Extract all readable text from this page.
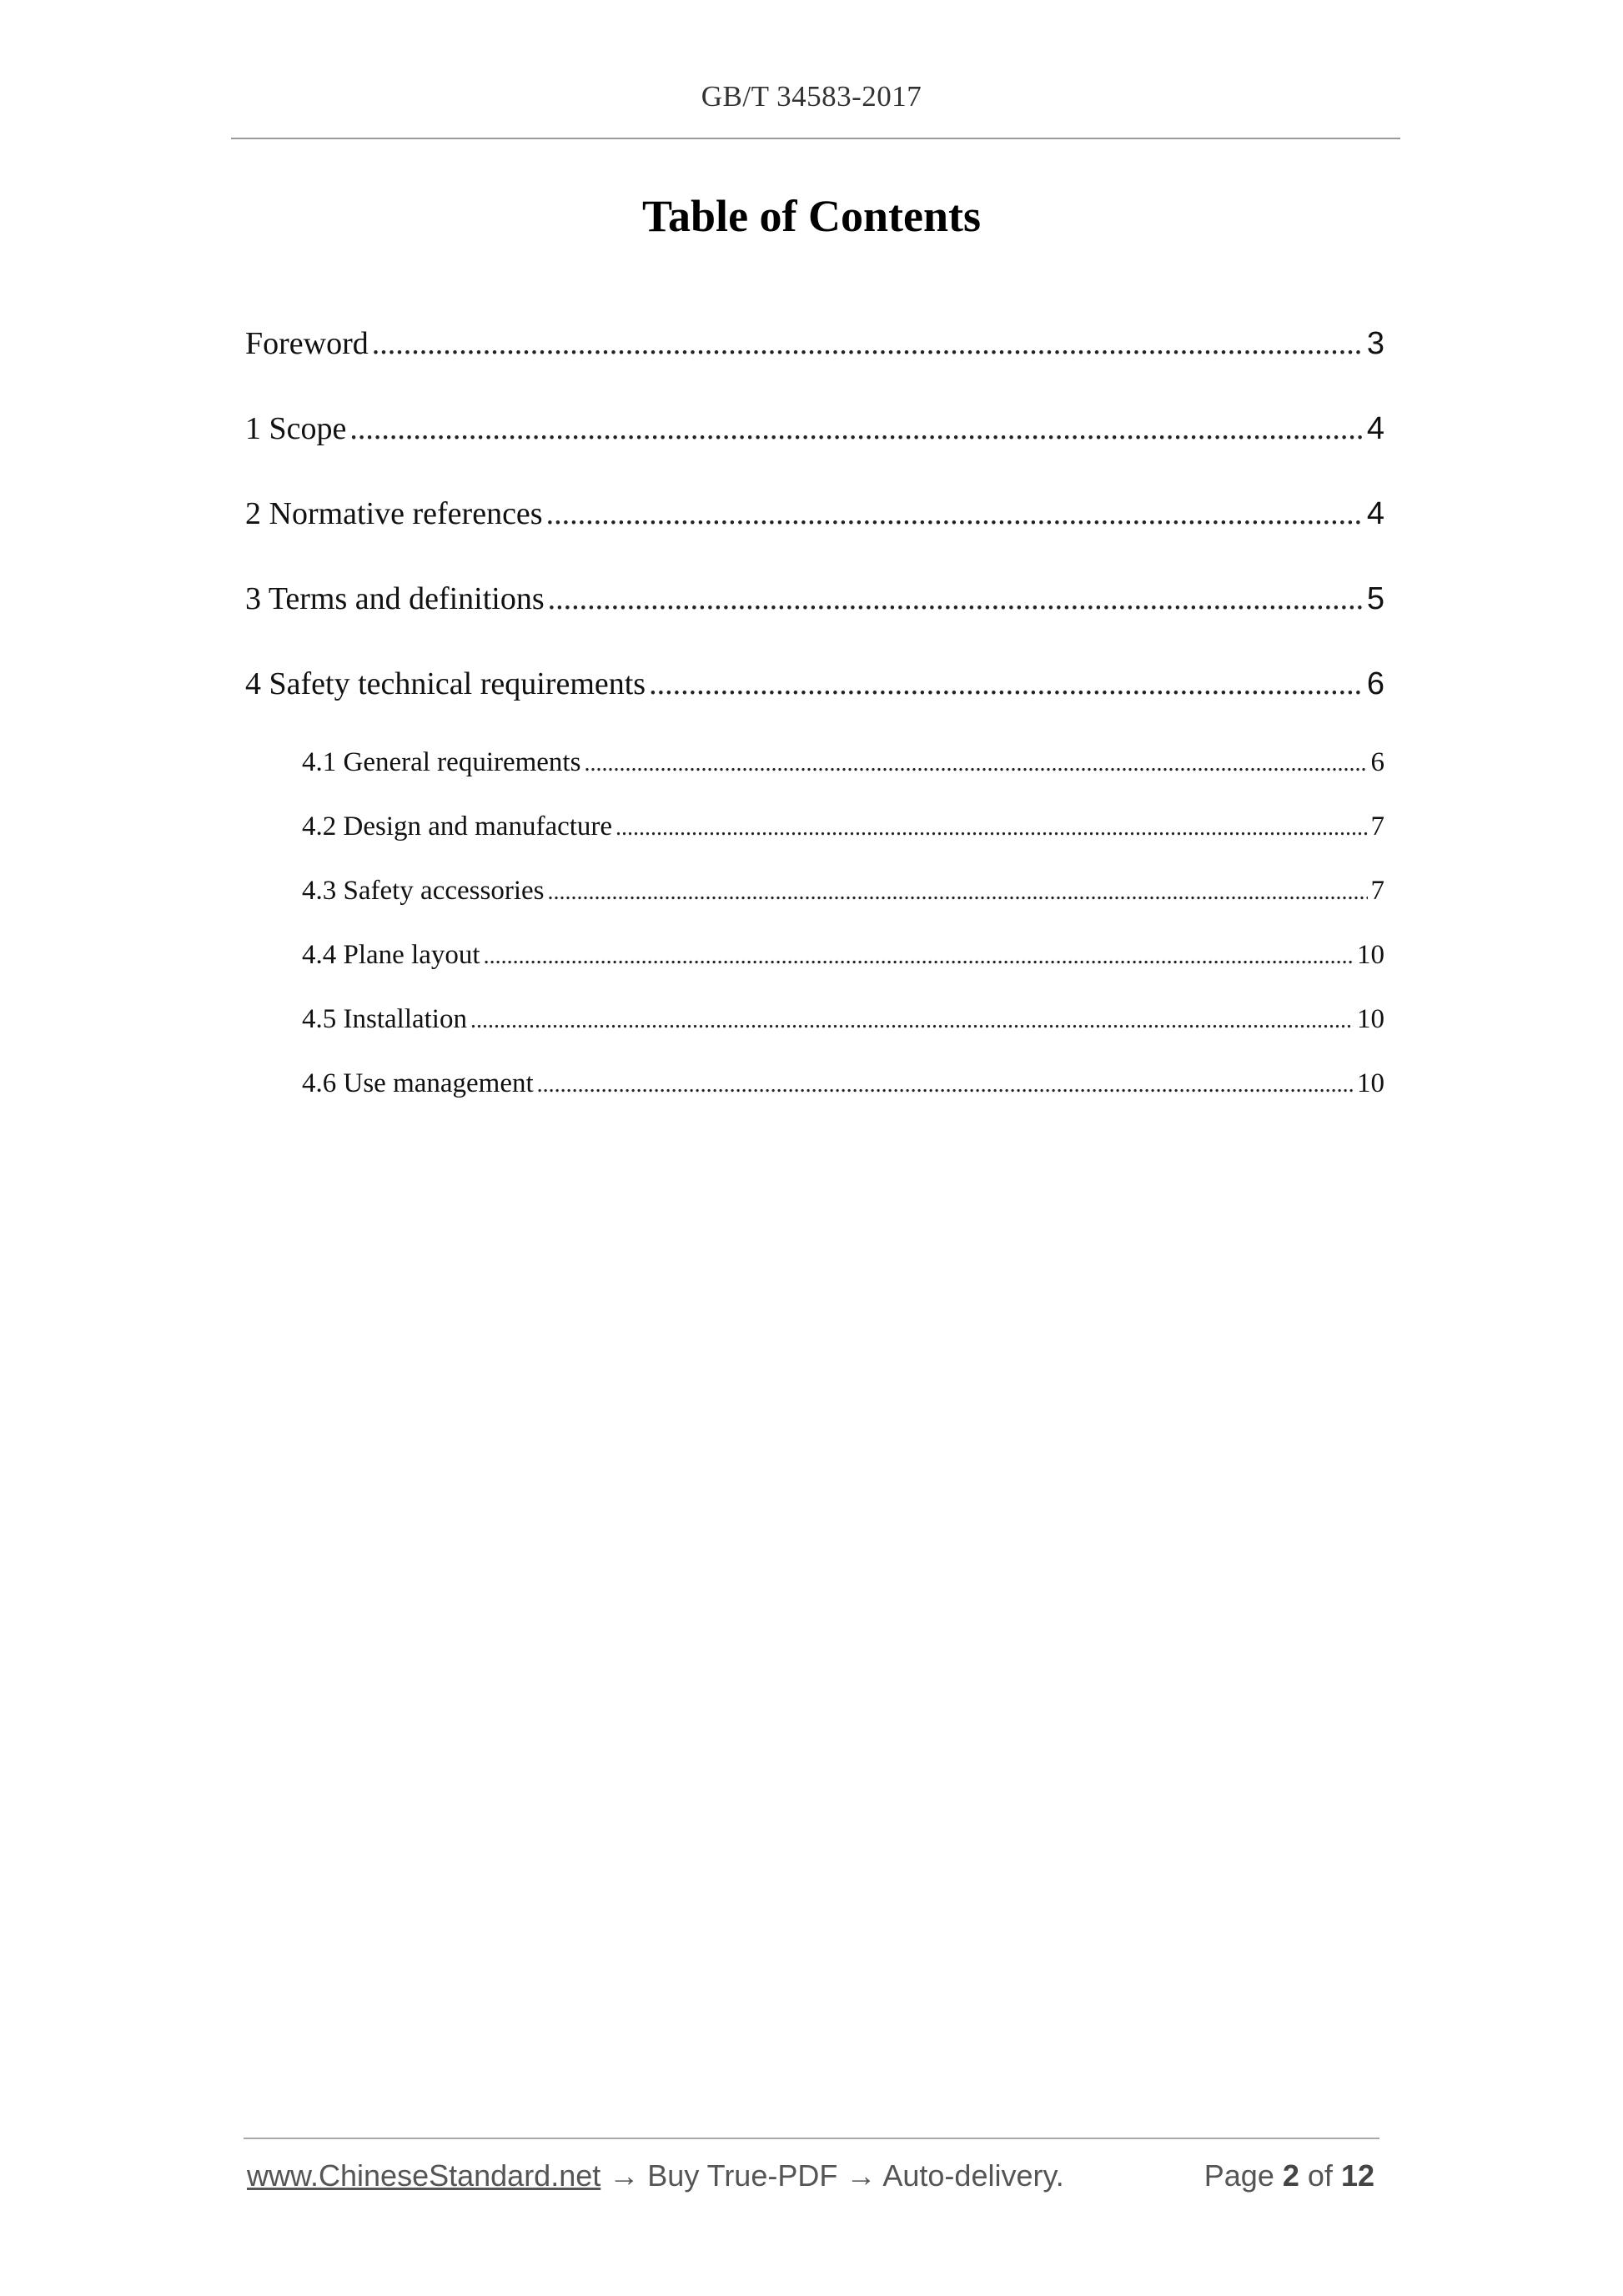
GB/T 34583-2017
Table of Contents
Foreword .....	3
1 Scope .....	4
2 Normative references .....	4
3 Terms and definitions .....	5
4 Safety technical requirements .....	6
4.1 General requirements .....	6
4.2 Design and manufacture .....	7
4.3 Safety accessories .....	7
4.4 Plane layout .....	10
4.5 Installation .....	10
4.6 Use management .....	10
www.ChineseStandard.net → Buy True-PDF → Auto-delivery.	Page 2 of 12
